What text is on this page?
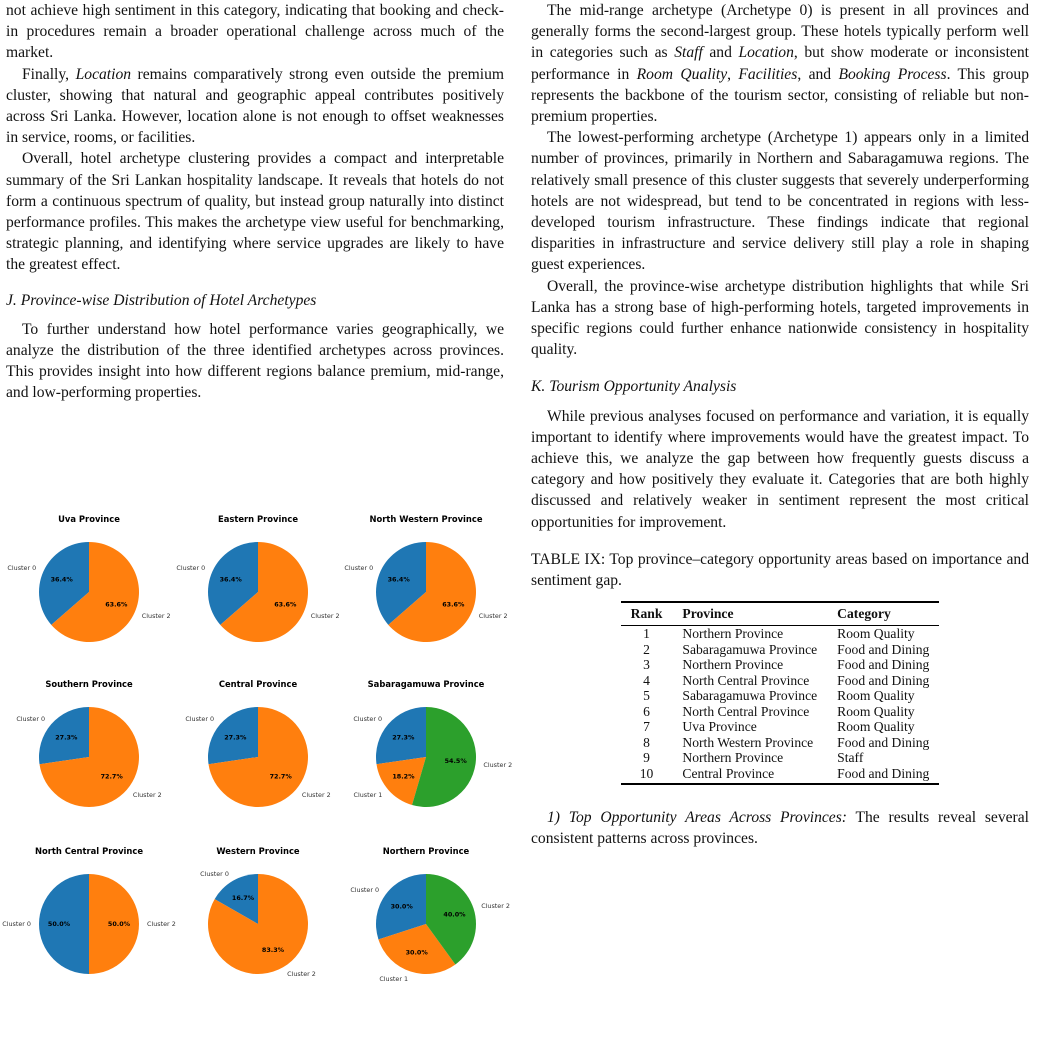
not achieve high sentiment in this category, indicating that booking and check-in procedures remain a broader operational challenge across much of the market.

Finally, Location remains comparatively strong even outside the premium cluster, showing that natural and geographic appeal contributes positively across Sri Lanka. However, location alone is not enough to offset weaknesses in service, rooms, or facilities.

Overall, hotel archetype clustering provides a compact and interpretable summary of the Sri Lankan hospitality landscape. It reveals that hotels do not form a continuous spectrum of quality, but instead group naturally into distinct performance profiles. This makes the archetype view useful for benchmarking, strategic planning, and identifying where service upgrades are likely to have the greatest effect.

J. Province-wise Distribution of Hotel Archetypes

To further understand how hotel performance varies geographically, we analyze the distribution of the three identified archetypes across provinces. This provides insight into how different regions balance premium, mid-range, and low-performing properties.

Uva Province
36.4%
Cluster 0
63.6%
Cluster 2
Eastern Province
36.4%
Cluster 0
63.6%
Cluster 2
North Western Province
36.4%
Cluster 0
63.6%
Cluster 2
Southern Province
27.3%
Cluster 0
72.7%
Cluster 2
Central Province
27.3%
Cluster 0
72.7%
Cluster 2
Sabaragamuwa Province
27.3%
Cluster 0
18.2%
Cluster 1
54.5%	Cluster 2
North Central Province
50.0%
Cluster 0	50.0%	Cluster 2
Western Province
16.7%
Cluster 0
83.3%
Cluster 2
Northern Province
30.0%
Cluster 0
30.0%
Cluster 1
40.0%
Cluster 2

The mid-range archetype (Archetype 0) is present in all provinces and generally forms the second-largest group. These hotels typically perform well in categories such as Staff and Location, but show moderate or inconsistent performance in Room Quality, Facilities, and Booking Process. This group represents the backbone of the tourism sector, consisting of reliable but non-premium properties.

The lowest-performing archetype (Archetype 1) appears only in a limited number of provinces, primarily in Northern and Sabaragamuwa regions. The relatively small presence of this cluster suggests that severely underperforming hotels are not widespread, but tend to be concentrated in regions with less-developed tourism infrastructure. These findings indicate that regional disparities in infrastructure and service delivery still play a role in shaping guest experiences.

Overall, the province-wise archetype distribution highlights that while Sri Lanka has a strong base of high-performing hotels, targeted improvements in specific regions could further enhance nationwide consistency in hospitality quality.

K. Tourism Opportunity Analysis

While previous analyses focused on performance and variation, it is equally important to identify where improvements would have the greatest impact. To achieve this, we analyze the gap between how frequently guests discuss a category and how positively they evaluate it. Categories that are both highly discussed and relatively weaker in sentiment represent the most critical opportunities for improvement.

TABLE IX: Top province–category opportunity areas based on importance and sentiment gap.
Rank	Province	Category
1	Northern Province	Room Quality
2	Sabaragamuwa Province	Food and Dining
3	Northern Province	Food and Dining
4	North Central Province	Food and Dining
5	Sabaragamuwa Province	Room Quality
6	North Central Province	Room Quality
7	Uva Province	Room Quality
8	North Western Province	Food and Dining
9	Northern Province	Staff
10	Central Province	Food and Dining

1) Top Opportunity Areas Across Provinces: The results reveal several consistent patterns across provinces.
